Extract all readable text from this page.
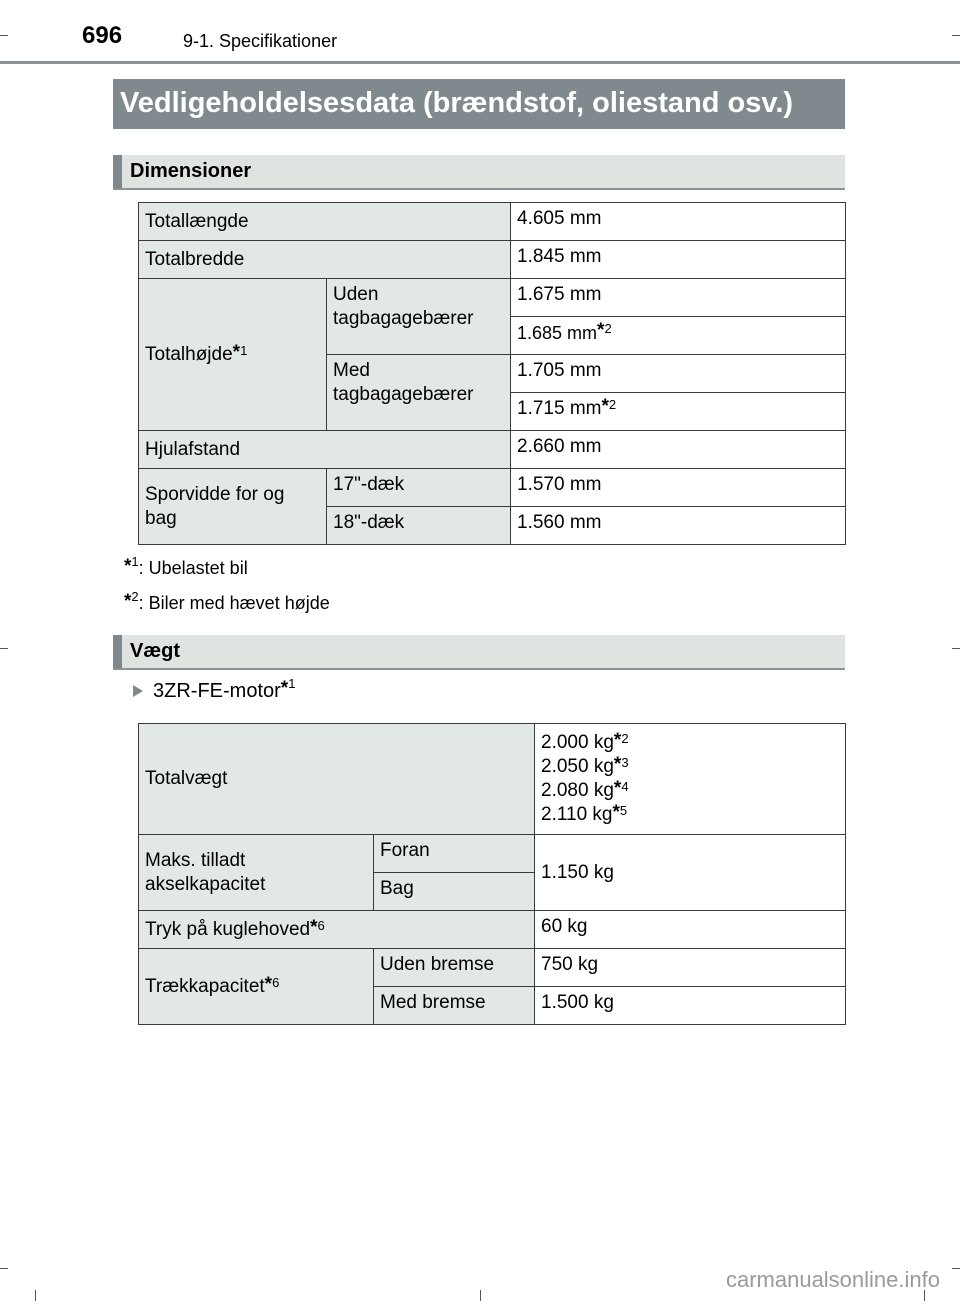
696	9-1. Specifikationer
Vedligeholdelsesdata (brændstof, oliestand osv.)
Dimensioner
Totallængde		4.605 mm
Totalbredde		1.845 mm
Totalhøjde*$^1$	Uden tagbagagebærer	1.675 mm
		1.685 mm*$^2$
	Med tagbagagebærer	1.705 mm
		1.715 mm*$^2$
Hjulafstand		2.660 mm
Sporvidde for og bag	17"-dæk	1.570 mm
	18"-dæk	1.560 mm
*$^1$: Ubelastet bil
*$^2$: Biler med hævet højde
Vægt
3ZR-FE-motor*$^1$
Totalvægt		2.000 kg*$^2$
2.050 kg*$^3$
2.080 kg*$^4$
2.110 kg*$^5$

Maks. tilladt akselkapacitet	Foran	1.150 kg
	Bag	
Tryk på kuglehoved*$^6$		60 kg
Trækkapacitet*$^6$	Uden bremse	750 kg
	Med bremse	1.500 kg
carmanualsonline.info
